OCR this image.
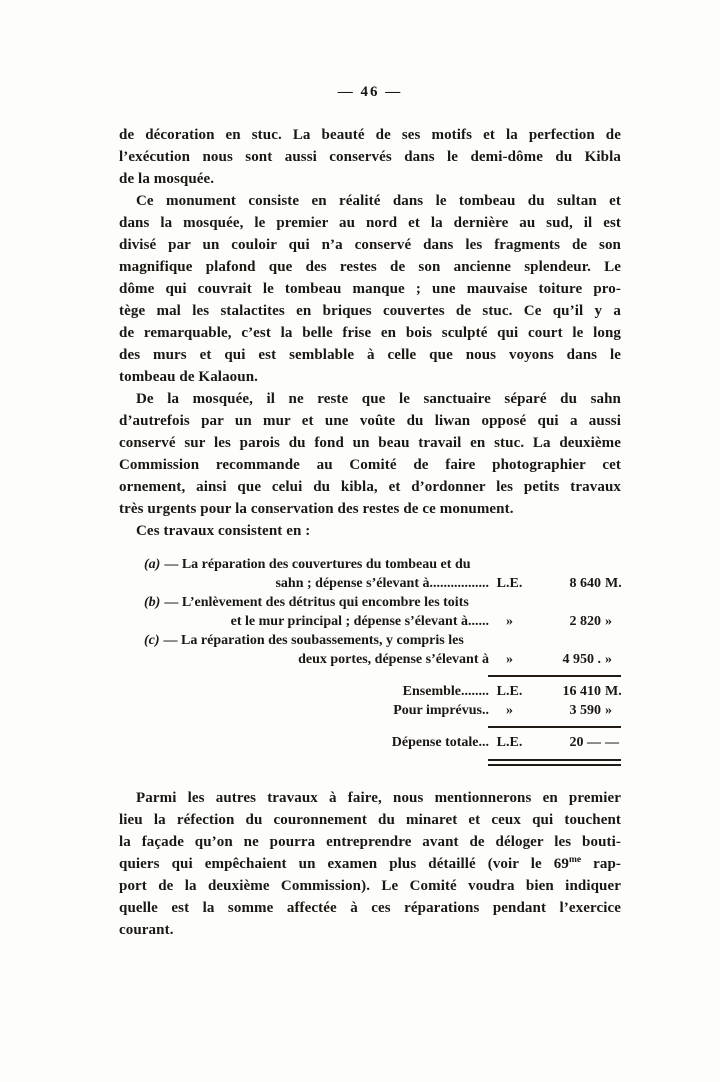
— 46 —
de décoration en stuc. La beauté de ses motifs et la perfection de
l’exécution nous sont aussi conservés dans le demi-dôme du Kibla
de la mosquée.
Ce monument consiste en réalité dans le tombeau du sultan et
dans la mosquée, le premier au nord et la dernière au sud, il est
divisé par un couloir qui n’a conservé dans les fragments de son
magnifique plafond que des restes de son ancienne splendeur. Le
dôme qui couvrait le tombeau manque ; une mauvaise toiture pro-
tège mal les stalactites en briques couvertes de stuc. Ce qu’il y a
de remarquable, c’est la belle frise en bois sculpté qui court le long
des murs et qui est semblable à celle que nous voyons dans le
tombeau de Kalaoun.
De la mosquée, il ne reste que le sanctuaire séparé du sahn
d’autrefois par un mur et une voûte du liwan opposé qui a aussi
conservé sur les parois du fond un beau travail en stuc. La deuxième
Commission recommande au Comité de faire photographier cet
ornement, ainsi que celui du kibla, et d’ordonner les petits travaux
très urgents pour la conservation des restes de ce monument.
Ces travaux consistent en :
(a) — La réparation des couvertures du tombeau et du
sahn ; dépense s’élevant à................. L.E.	8 640 M.
(b) — L’enlèvement des détritus qui encombre les toits
et le mur principal ; dépense s’élevant à......	»	2 820 »
(c) — La réparation des soubassements, y compris les
deux portes, dépense s’élevant à	»	4 950 . »
Ensemble........ L.E.	16 410 M.
Pour imprévus..	»	3 590 »
Dépense totale... L.E.	20 — —
Parmi les autres travaux à faire, nous mentionnerons en premier
lieu la réfection du couronnement du minaret et ceux qui touchent
la façade qu’on ne pourra entreprendre avant de déloger les bouti-
quiers qui empêchaient un examen plus détaillé (voir le $69^{me}$ rap-
port de la deuxième Commission). Le Comité voudra bien indiquer
quelle est la somme affectée à ces réparations pendant l’exercice
courant.
